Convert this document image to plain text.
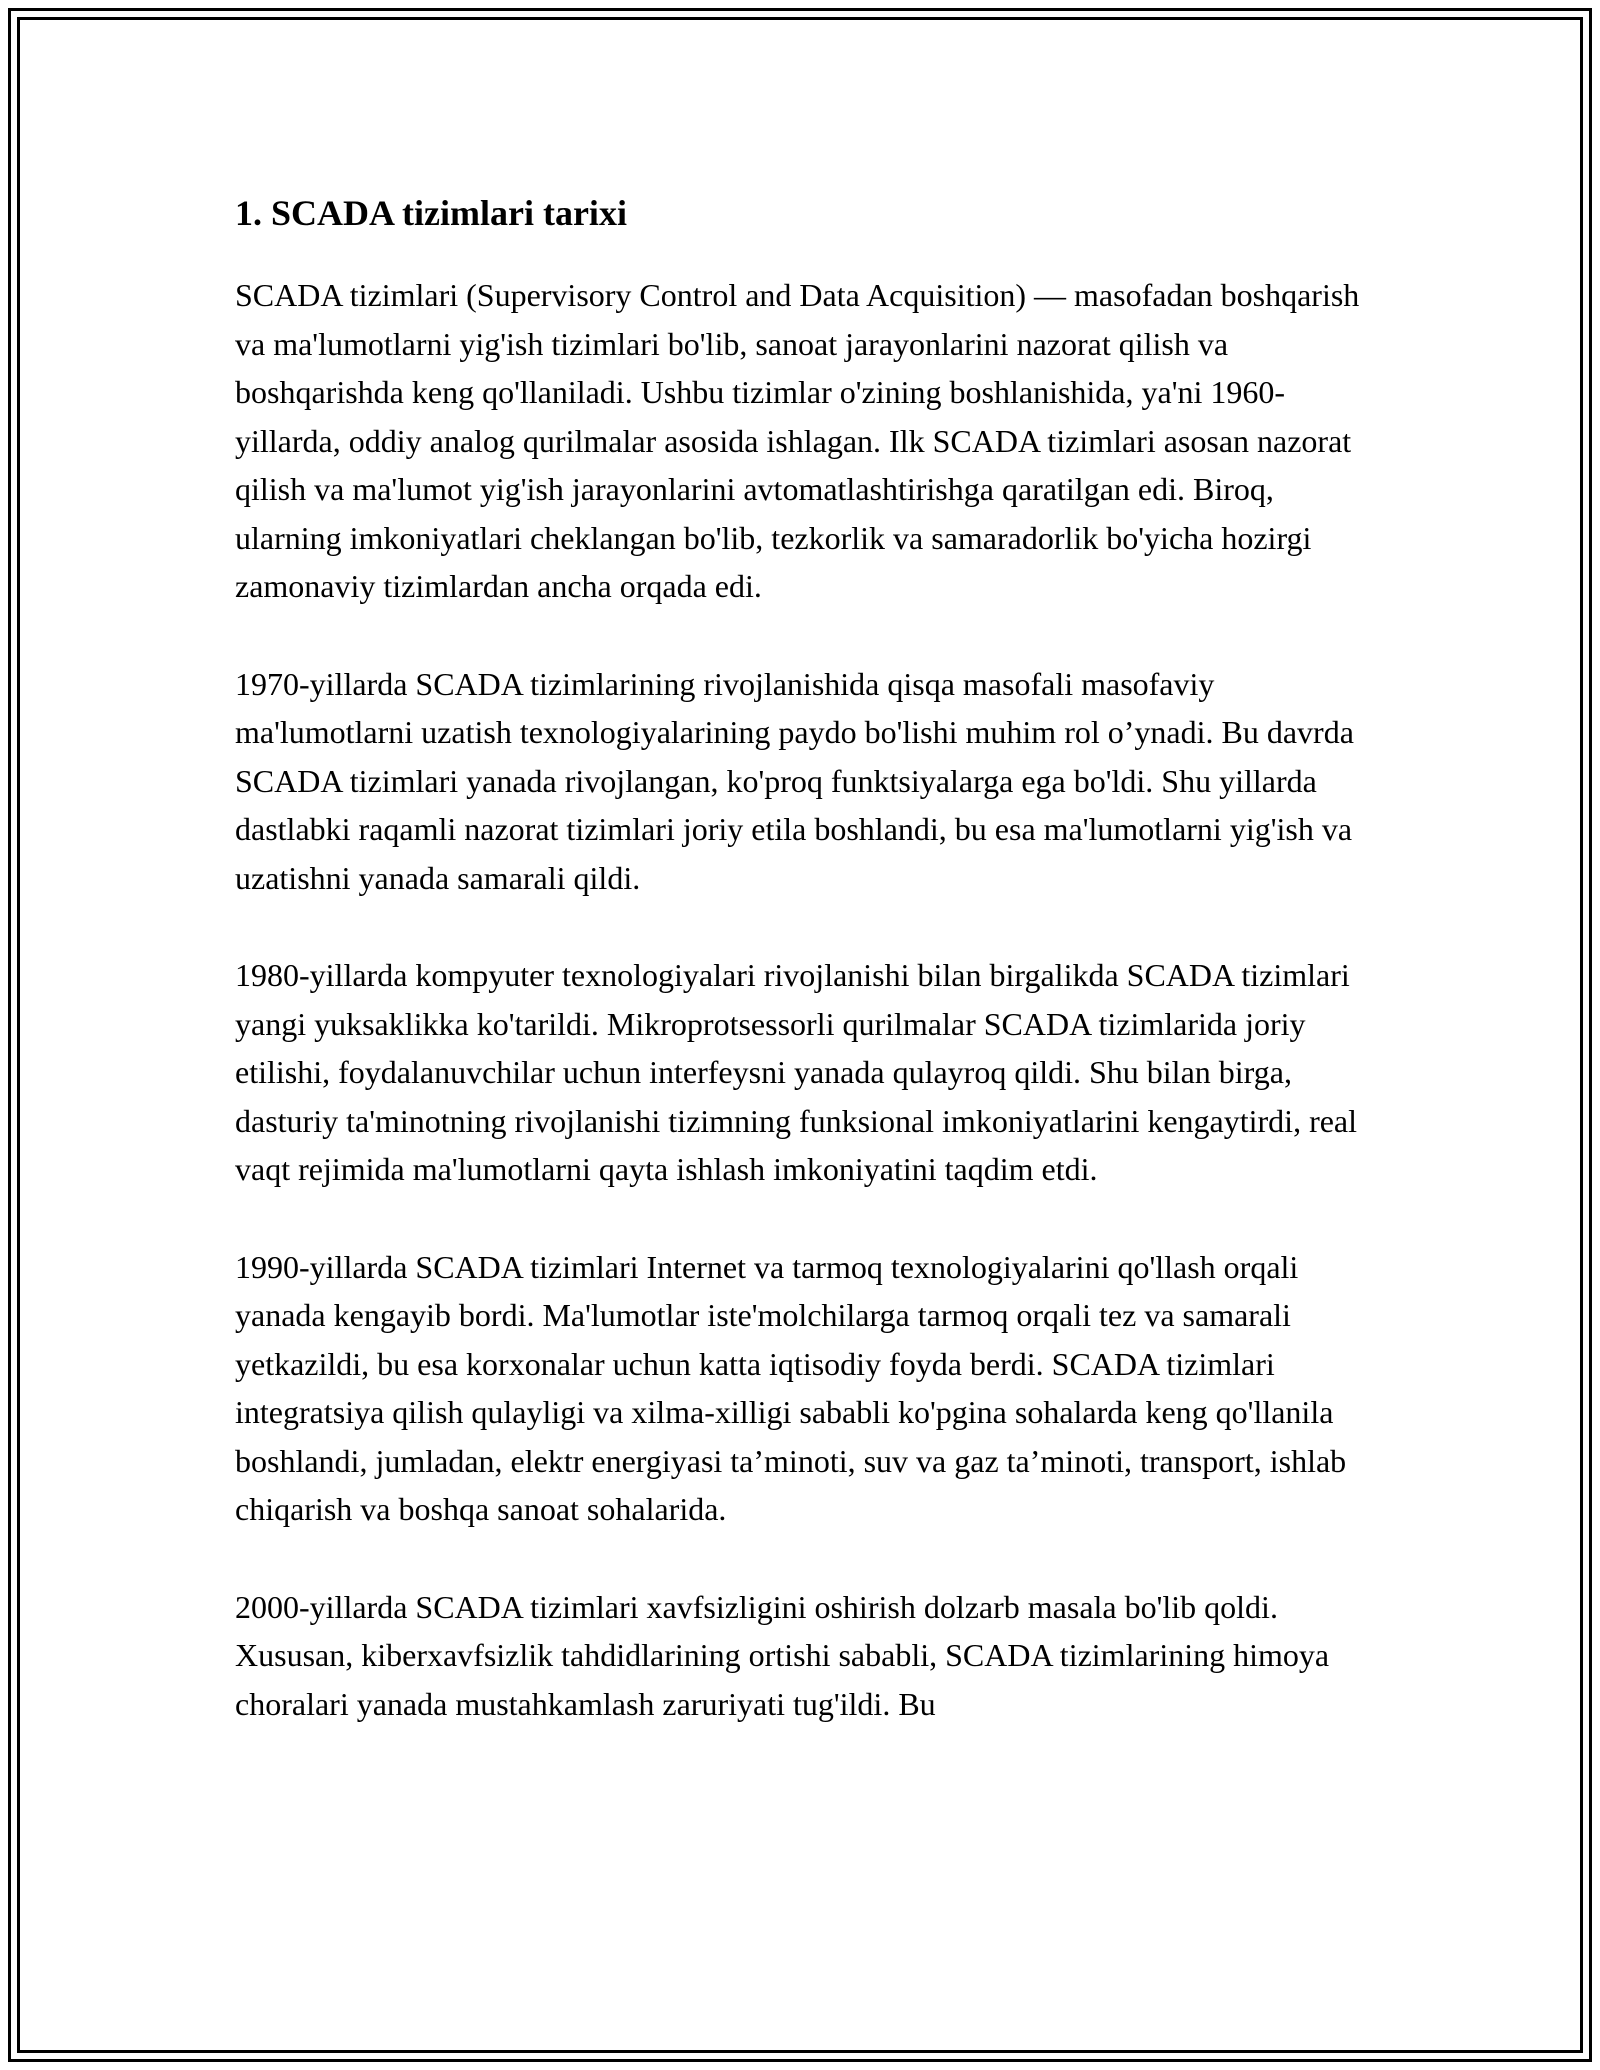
1. SCADA tizimlari tarixi

SCADA tizimlari (Supervisory Control and Data Acquisition) — masofadan boshqarish va ma'lumotlarni yig'ish tizimlari bo'lib, sanoat jarayonlarini nazorat qilish va boshqarishda keng qo'llaniladi. Ushbu tizimlar o'zining boshlanishida, ya'ni 1960-yillarda, oddiy analog qurilmalar asosida ishlagan. Ilk SCADA tizimlari asosan nazorat qilish va ma'lumot yig'ish jarayonlarini avtomatlashtirishga qaratilgan edi. Biroq, ularning imkoniyatlari cheklangan bo'lib, tezkorlik va samaradorlik bo'yicha hozirgi zamonaviy tizimlardan ancha orqada edi.

1970-yillarda SCADA tizimlarining rivojlanishida qisqa masofali masofaviy ma'lumotlarni uzatish texnologiyalarining paydo bo'lishi muhim rol o’ynadi. Bu davrda SCADA tizimlari yanada rivojlangan, ko'proq funktsiyalarga ega bo'ldi. Shu yillarda dastlabki raqamli nazorat tizimlari joriy etila boshlandi, bu esa ma'lumotlarni yig'ish va uzatishni yanada samarali qildi.

1980-yillarda kompyuter texnologiyalari rivojlanishi bilan birgalikda SCADA tizimlari yangi yuksaklikka ko'tarildi. Mikroprotsessorli qurilmalar SCADA tizimlarida joriy etilishi, foydalanuvchilar uchun interfeysni yanada qulayroq qildi. Shu bilan birga, dasturiy ta'minotning rivojlanishi tizimning funksional imkoniyatlarini kengaytirdi, real vaqt rejimida ma'lumotlarni qayta ishlash imkoniyatini taqdim etdi.

1990-yillarda SCADA tizimlari Internet va tarmoq texnologiyalarini qo'llash orqali yanada kengayib bordi. Ma'lumotlar iste'molchilarga tarmoq orqali tez va samarali yetkazildi, bu esa korxonalar uchun katta iqtisodiy foyda berdi. SCADA tizimlari integratsiya qilish qulayligi va xilma-xilligi sababli ko'pgina sohalarda keng qo'llanila boshlandi, jumladan, elektr energiyasi ta’minoti, suv va gaz ta’minoti, transport, ishlab chiqarish va boshqa sanoat sohalarida.

2000-yillarda SCADA tizimlari xavfsizligini oshirish dolzarb masala bo'lib qoldi. Xususan, kiberxavfsizlik tahdidlarining ortishi sababli, SCADA tizimlarining himoya choralari yanada mustahkamlash zaruriyati tug'ildi. Bu
